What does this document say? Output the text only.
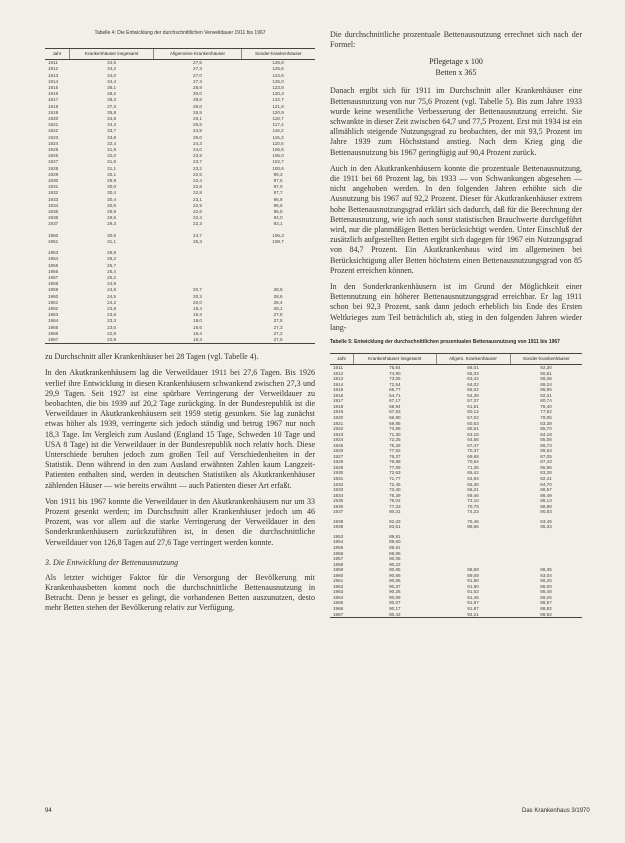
Tabelle 4: Die Entwicklung der durchschnittlichen Verweildauer 1911 bis 1967
Jahr	Krankenhäuser insgesamt	Allgemeine Krankenhäuser	Sonder-krankenhäuser
1911	34,5	27,6	126,8
1912	34,2	27,3	125,6
1913	34,0	27,0	124,6
1914	34,4	27,3	125,0
1915	36,1	28,9	123,8
1916	38,2	30,0	120,3
1917	39,3	29,8	122,7
1918	37,3	28,0	121,8
1919	35,8	26,5	120,9
1920	34,8	26,1	118,7
1921	34,3	25,6	117,4
1922	33,7	24,9	116,2
1923	33,8	25,0	115,3
1924	32,4	24,3	110,6
1925	31,9	24,0	106,6
1926	32,0	23,9	105,0
1927	31,6	23,7	102,7
1928	31,1	23,2	100,6
1929	30,1	22,6	99,3
1930	29,9	22,4	97,6
1931	30,0	22,6	97,0
1932	30,4	22,8	97,7
1933	30,4	23,1	96,8
1934	30,5	22,9	96,5
1935	29,9	22,6	95,8
1936	29,6	22,4	94,0
1937	29,3	22,3	93,1

1950	30,5	24,7	106,3
1951	31,1	25,3	108,7

1953	26,6		
1954	26,2		
1955	25,7		
1956	25,4		
1957	25,2		
1958	24,9		
1959	24,8	20,7	28,8
1960	24,5	20,3	28,6
1961	24,2	20,0	28,4
1962	23,8	19,4	28,1
1963	23,6	19,3	27,8
1964	23,3	19,0	27,5
1965	23,0	18,6	27,3
1966	22,8	18,4	27,2
1967	22,9	18,3	27,6

zu Durchschnitt aller Krankenhäuser bei 28 Tagen (vgl. Tabelle 4).

In den Akutkrankenhäusern lag die Verweildauer 1911 bei 27,6 Tagen. Bis 1926 verlief ihre Entwicklung in diesen Krankenhäusern schwankend zwischen 27,3 und 29,9 Tagen. Seit 1927 ist eine spürbare Verringerung der Verweildauer zu beobachten, die bis 1939 auf 20,2 Tage zurückging. In der Bundesrepublik ist die Verweildauer in Akutkrankenhäusern seit 1959 stetig gesunken. Sie lag zunächst etwas höher als 1939, verringerte sich jedoch ständig und betrug 1967 nur noch 18,3 Tage. Im Vergleich zum Ausland (England 15 Tage, Schweden 10 Tage und USA 8 Tage) ist die Verweildauer in der Bundesrepublik noch relativ hoch. Diese Unterschiede beruhen jedoch zum großen Teil auf Verschiedenheiten in der Statistik. Denn während in den zum Ausland erwähnten Zahlen kaum Langzeit-Patienten enthalten sind, werden in deutschen Statistiken als Akutkrankenhäuser zählenden Häuser — wie bereits erwähnt — auch Patienten dieser Art erfaßt.

Von 1911 bis 1967 konnte die Verweildauer in den Akutkrankenhäusern nur um 33 Prozent gesenkt werden; im Durchschnitt aller Krankenhäuser jedoch um 46 Prozent, was vor allem auf die starke Verringerung der Verweildauer in den Sonderkrankenhäusern zurückzuführen ist, in denen die durchschnittliche Verweildauer von 126,8 Tagen auf 27,6 Tage verringert werden konnte.

3. Die Entwicklung der Bettenausnutzung

Als letzter wichtiger Faktor für die Versorgung der Bevölkerung mit Krankenhausbetten kommt noch die durchschnittliche Bettenausnutzung in Betracht. Denn je besser es gelingt, die vorhandenen Betten auszunutzen, desto mehr Betten stehen der Bevölkerung relativ zur Verfügung.

Die durchschnittliche prozentuale Bettenausnutzung errechnet sich nach der Formel:

Pflegetage x 100
Betten x 365

Danach ergibt sich für 1911 im Durchschnitt aller Krankenhäuser eine Bettenausnutzung von nur 75,6 Prozent (vgl. Tabelle 5). Bis zum Jahre 1933 wurde keine wesentliche Verbesserung der Bettenausnutzung erreicht. Sie schwankte in dieser Zeit zwischen 64,7 und 77,5 Prozent. Erst mit 1934 ist ein allmählich steigende Nutzungsgrad zu beobachten, der mit 93,5 Prozent im Jahre 1939 zum Höchststand anstieg. Nach dem Krieg ging die Bettenausnutzung bis 1967 geringfügig auf 90,4 Prozent zurück.

Auch in den Akutkrankenhäusern konnte die prozentuale Bettenausnutzung, die 1911 bei 68 Prozent lag, bis 1933 — von Schwankungen abgesehen — nicht angehoben werden. In den folgenden Jahren erhöhte sich die Ausnutzung bis 1967 auf 92,2 Prozent. Dieser für Akutkrankenhäuser extrem hohe Bettenausnutzungsgrad erklärt sich dadurch, daß für die Berechnung der Bettenausnutzung, wie ich auch sonst statistischen Brauchwerte durchgeführt wird, nur die planmäßigen Betten berücksichtigt werden. Unter Einschluß der zusätzlich aufgestellten Betten ergibt sich dagegen für 1967 ein Nutzungsgrad von 84,7 Prozent. Ein Akutkrankenhaus wird im allgemeinen bei Berücksichtigung aller Betten höchstens einen Bettenausnutzungsgrad von 85 Prozent erreichen können.

In den Sonderkrankenhäusern ist im Grund der Möglichkeit einer Bettennutzung ein höherer Bettenausnutzungsgrad erreichbar. Er lag 1911 schon bei 92,3 Prozent, sank dann jedoch erheblich bis Ende des Ersten Weltkrieges zum Teil beträchtlich ab, stieg in den folgenden Jahren wieder lang-

Tabelle 5: Entwicklung der durchschnittlichen prozentualen Bettenausnutzung von 1911 bis 1967
Jahr	Krankenhäuser insgesamt	Allgem. Krankenhäuser	Sonder-krankenhäuser
1911	75,64	68,01	92,30
1912	74,90	66,33	90,81
1913	73,05	63,42	89,38
1914	72,54	64,02	89,24
1915	65,77	55,02	86,95
1916	64,71	54,39	82,31
1917	67,17	57,37	80,74
1918	68,94	61,51	78,40
1919	67,53	60,12	77,52
1920	66,90	57,02	79,05
1921	69,85	60,53	83,38
1922	73,88	65,51	85,70
1923	71,30	63,15	84,18
1924	72,25	64,56	85,08
1925	75,28	67,47	86,73
1926	77,52	70,37	88,53
1927	76,37	69,68	87,05
1928	76,88	70,54	87,43
1929	77,09	71,35	86,96
1930	72,63	66,42	83,28
1931	71,77	64,94	82,41
1932	72,45	65,30	84,70
1933	73,40	66,21	86,57
1934	76,39	69,46	88,49
1935	78,02	72,10	88,13
1936	77,33	70,75	88,88
1937	80,31	74,23	90,83

1938	82,33	75,46	93,46
1939	93,51	88,65	95,33

1953	89,81		
1954	89,60		
1955	89,81		
1956	89,85		
1957	90,05		
1958	90,22		
1959	90,65	88,69	96,35
1960	90,65	89,09	93,04
1961	90,56	91,80	88,25
1962	90,37	91,80	88,00
1963	90,26	91,52	88,48
1964	90,09	91,45	89,25
1965	90,07	91,97	88,57
1966	90,17	91,87	88,82
1967	90,42	92,21	88,92
94	Das Krankenhaus 3/1970
